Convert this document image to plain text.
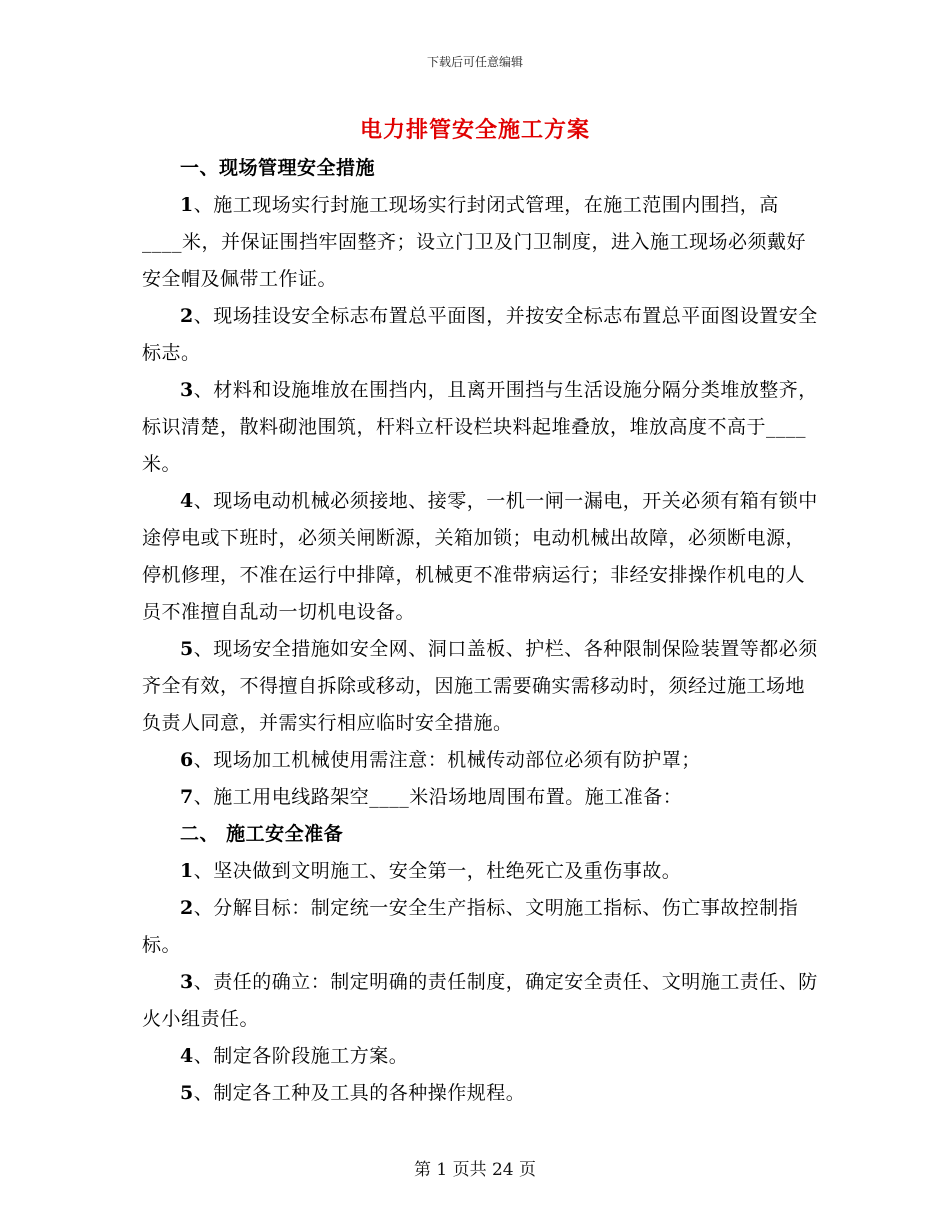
下载后可任意编辑
电力排管安全施工方案

一、现场管理安全措施

1、施工现场实行封施工现场实行封闭式管理，在施工范围内围挡，高____米，并保证围挡牢固整齐；设立门卫及门卫制度，进入施工现场必须戴好安全帽及佩带工作证。

2、现场挂设安全标志布置总平面图，并按安全标志布置总平面图设置安全标志。

3、材料和设施堆放在围挡内，且离开围挡与生活设施分隔分类堆放整齐，标识清楚，散料砌池围筑，杆料立杆设栏块料起堆叠放，堆放高度不高于____米。

4、现场电动机械必须接地、接零，一机一闸一漏电，开关必须有箱有锁中途停电或下班时，必须关闸断源，关箱加锁；电动机械出故障，必须断电源，停机修理，不准在运行中排障，机械更不准带病运行；非经安排操作机电的人员不准擅自乱动一切机电设备。

5、现场安全措施如安全网、洞口盖板、护栏、各种限制保险装置等都必须齐全有效，不得擅自拆除或移动，因施工需要确实需移动时，须经过施工场地负责人同意，并需实行相应临时安全措施。

6、现场加工机械使用需注意：机械传动部位必须有防护罩；

7、施工用电线路架空____米沿场地周围布置。施工准备：

二、 施工安全准备

1、坚决做到文明施工、安全第一，杜绝死亡及重伤事故。

2、分解目标：制定统一安全生产指标、文明施工指标、伤亡事故控制指标。

3、责任的确立：制定明确的责任制度，确定安全责任、文明施工责任、防火小组责任。

4、制定各阶段施工方案。

5、制定各工种及工具的各种操作规程。

第 1 页共 24 页
